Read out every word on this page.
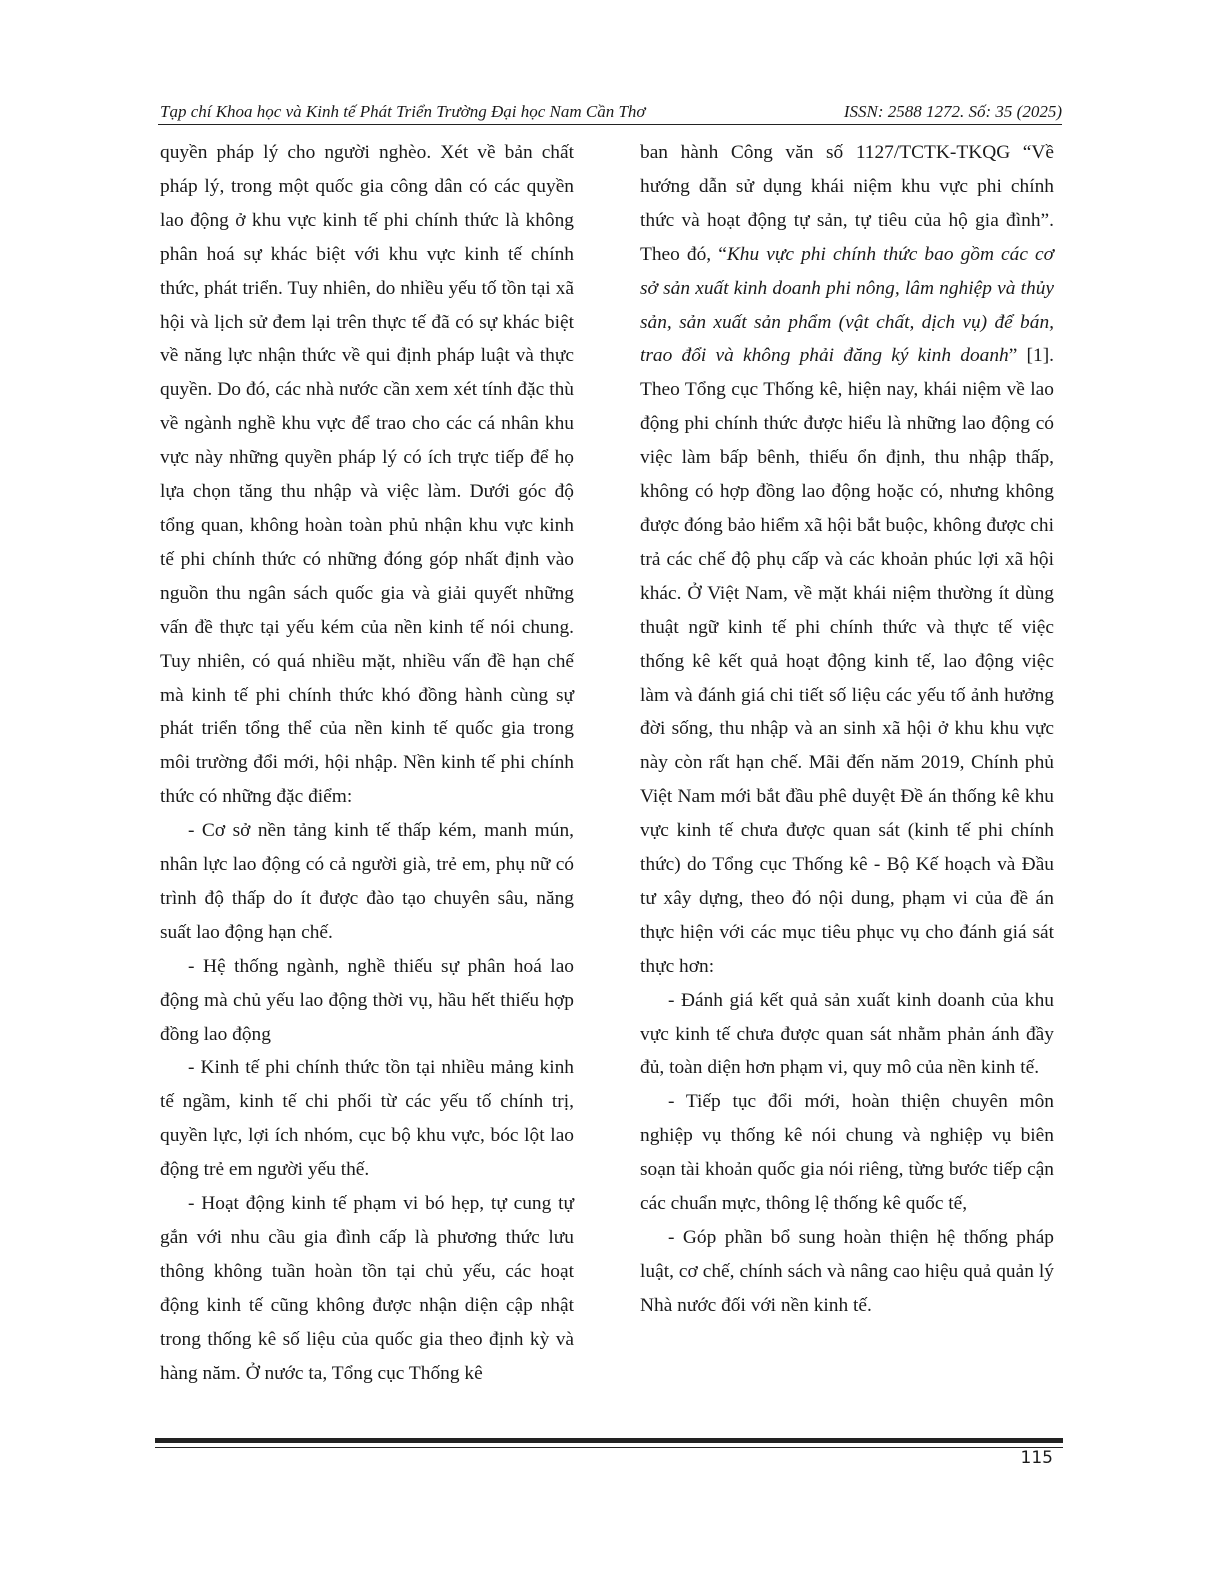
Tạp chí Khoa học và Kinh tế Phát Triển Trường Đại học Nam Cần Thơ	ISSN: 2588 1272. Số: 35 (2025)

quyền pháp lý cho người nghèo. Xét về bản chất pháp lý, trong một quốc gia công dân có các quyền lao động ở khu vực kinh tế phi chính thức là không phân hoá sự khác biệt với khu vực kinh tế chính thức, phát triển. Tuy nhiên, do nhiều yếu tố tồn tại xã hội và lịch sử đem lại trên thực tế đã có sự khác biệt về năng lực nhận thức về qui định pháp luật và thực quyền. Do đó, các nhà nước cần xem xét tính đặc thù về ngành nghề khu vực để trao cho các cá nhân khu vực này những quyền pháp lý có ích trực tiếp để họ lựa chọn tăng thu nhập và việc làm. Dưới góc độ tổng quan, không hoàn toàn phủ nhận khu vực kinh tế phi chính thức có những đóng góp nhất định vào nguồn thu ngân sách quốc gia và giải quyết những vấn đề thực tại yếu kém của nền kinh tế nói chung. Tuy nhiên, có quá nhiều mặt, nhiều vấn đề hạn chế mà kinh tế phi chính thức khó đồng hành cùng sự phát triển tổng thể của nền kinh tế quốc gia trong môi trường đổi mới, hội nhập. Nền kinh tế phi chính thức có những đặc điểm:

- Cơ sở nền tảng kinh tế thấp kém, manh mún, nhân lực lao động có cả người già, trẻ em, phụ nữ có trình độ thấp do ít được đào tạo chuyên sâu, năng suất lao động hạn chế.

- Hệ thống ngành, nghề thiếu sự phân hoá lao động mà chủ yếu lao động thời vụ, hầu hết thiếu hợp đồng lao động

- Kinh tế phi chính thức tồn tại nhiều mảng kinh tế ngầm, kinh tế chi phối từ các yếu tố chính trị, quyền lực, lợi ích nhóm, cục bộ khu vực, bóc lột lao động trẻ em người yếu thế.

- Hoạt động kinh tế phạm vi bó hẹp, tự cung tự gắn với nhu cầu gia đình cấp là phương thức lưu thông không tuần hoàn tồn tại chủ yếu, các hoạt động kinh tế cũng không được nhận diện cập nhật trong thống kê số liệu của quốc gia theo định kỳ và hàng năm. Ở nước ta, Tổng cục Thống kê

ban hành Công văn số 1127/TCTK-TKQG “Về hướng dẫn sử dụng khái niệm khu vực phi chính thức và hoạt động tự sản, tự tiêu của hộ gia đình”. Theo đó, “Khu vực phi chính thức bao gồm các cơ sở sản xuất kinh doanh phi nông, lâm nghiệp và thủy sản, sản xuất sản phẩm (vật chất, dịch vụ) để bán, trao đổi và không phải đăng ký kinh doanh” [1]. Theo Tổng cục Thống kê, hiện nay, khái niệm về lao động phi chính thức được hiểu là những lao động có việc làm bấp bênh, thiếu ổn định, thu nhập thấp, không có hợp đồng lao động hoặc có, nhưng không được đóng bảo hiểm xã hội bắt buộc, không được chi trả các chế độ phụ cấp và các khoản phúc lợi xã hội khác. Ở Việt Nam, về mặt khái niệm thường ít dùng thuật ngữ kinh tế phi chính thức và thực tế việc thống kê kết quả hoạt động kinh tế, lao động việc làm và đánh giá chi tiết số liệu các yếu tố ảnh hưởng đời sống, thu nhập và an sinh xã hội ở khu khu vực này còn rất hạn chế. Mãi đến năm 2019, Chính phủ Việt Nam mới bắt đầu phê duyệt Đề án thống kê khu vực kinh tế chưa được quan sát (kinh tế phi chính thức) do Tổng cục Thống kê - Bộ Kế hoạch và Đầu tư xây dựng, theo đó nội dung, phạm vi của đề án thực hiện với các mục tiêu phục vụ cho đánh giá sát thực hơn:

- Đánh giá kết quả sản xuất kinh doanh của khu vực kinh tế chưa được quan sát nhằm phản ánh đầy đủ, toàn diện hơn phạm vi, quy mô của nền kinh tế.

- Tiếp tục đổi mới, hoàn thiện chuyên môn nghiệp vụ thống kê nói chung và nghiệp vụ biên soạn tài khoản quốc gia nói riêng, từng bước tiếp cận các chuẩn mực, thông lệ thống kê quốc tế,

- Góp phần bổ sung hoàn thiện hệ thống pháp luật, cơ chế, chính sách và nâng cao hiệu quả quản lý Nhà nước đối với nền kinh tế.

115
